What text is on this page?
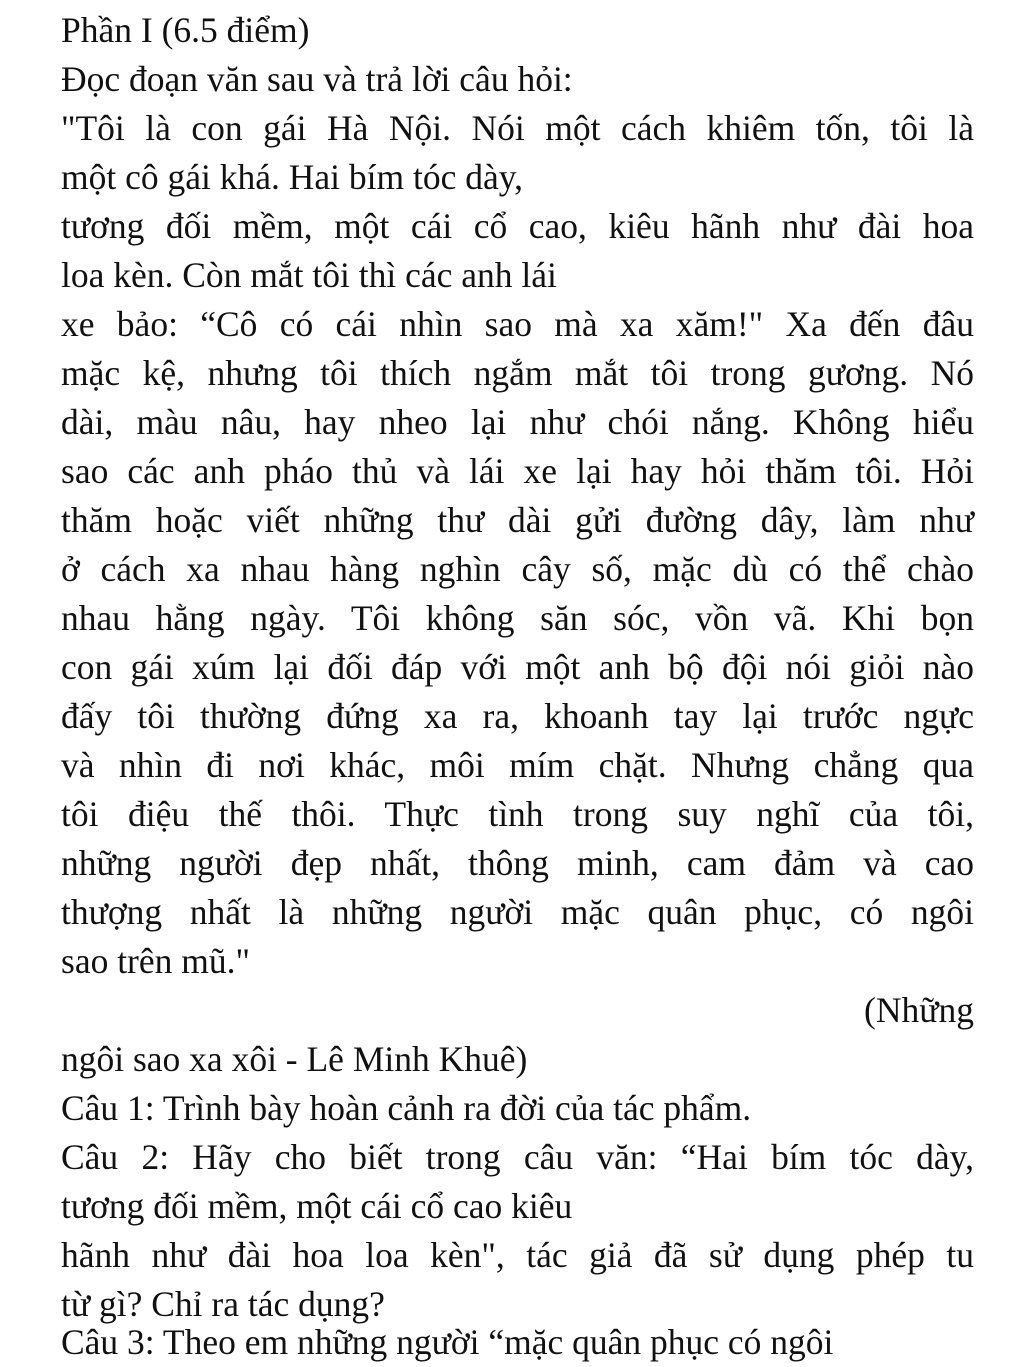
Phần I (6.5 điểm)
Đọc đoạn văn sau và trả lời câu hỏi:
"Tôi là con gái Hà Nội. Nói một cách khiêm tốn, tôi là
một cô gái khá. Hai bím tóc dày,
tương đối mềm, một cái cổ cao, kiêu hãnh như đài hoa
loa kèn. Còn mắt tôi thì các anh lái
xe bảo: “Cô có cái nhìn sao mà xa xăm!" Xa đến đâu
mặc kệ, nhưng tôi thích ngắm mắt tôi trong gương. Nó
dài, màu nâu, hay nheo lại như chói nắng. Không hiểu
sao các anh pháo thủ và lái xe lại hay hỏi thăm tôi. Hỏi
thăm hoặc viết những thư dài gửi đường dây, làm như
ở cách xa nhau hàng nghìn cây số, mặc dù có thể chào
nhau hằng ngày. Tôi không săn sóc, vồn vã. Khi bọn
con gái xúm lại đối đáp với một anh bộ đội nói giỏi nào
đấy tôi thường đứng xa ra, khoanh tay lại trước ngực
và nhìn đi nơi khác, môi mím chặt. Nhưng chẳng qua
tôi điệu thế thôi. Thực tình trong suy nghĩ của tôi,
những người đẹp nhất, thông minh, cam đảm và cao
thượng nhất là những người mặc quân phục, có ngôi
sao trên mũ."
(Những
ngôi sao xa xôi - Lê Minh Khuê)
Câu 1: Trình bày hoàn cảnh ra đời của tác phẩm.
Câu 2: Hãy cho biết trong câu văn: “Hai bím tóc dày,
tương đối mềm, một cái cổ cao kiêu
hãnh như đài hoa loa kèn", tác giả đã sử dụng phép tu
từ gì? Chỉ ra tác dụng?
Câu 3: Theo em những người “mặc quân phục có ngôi
